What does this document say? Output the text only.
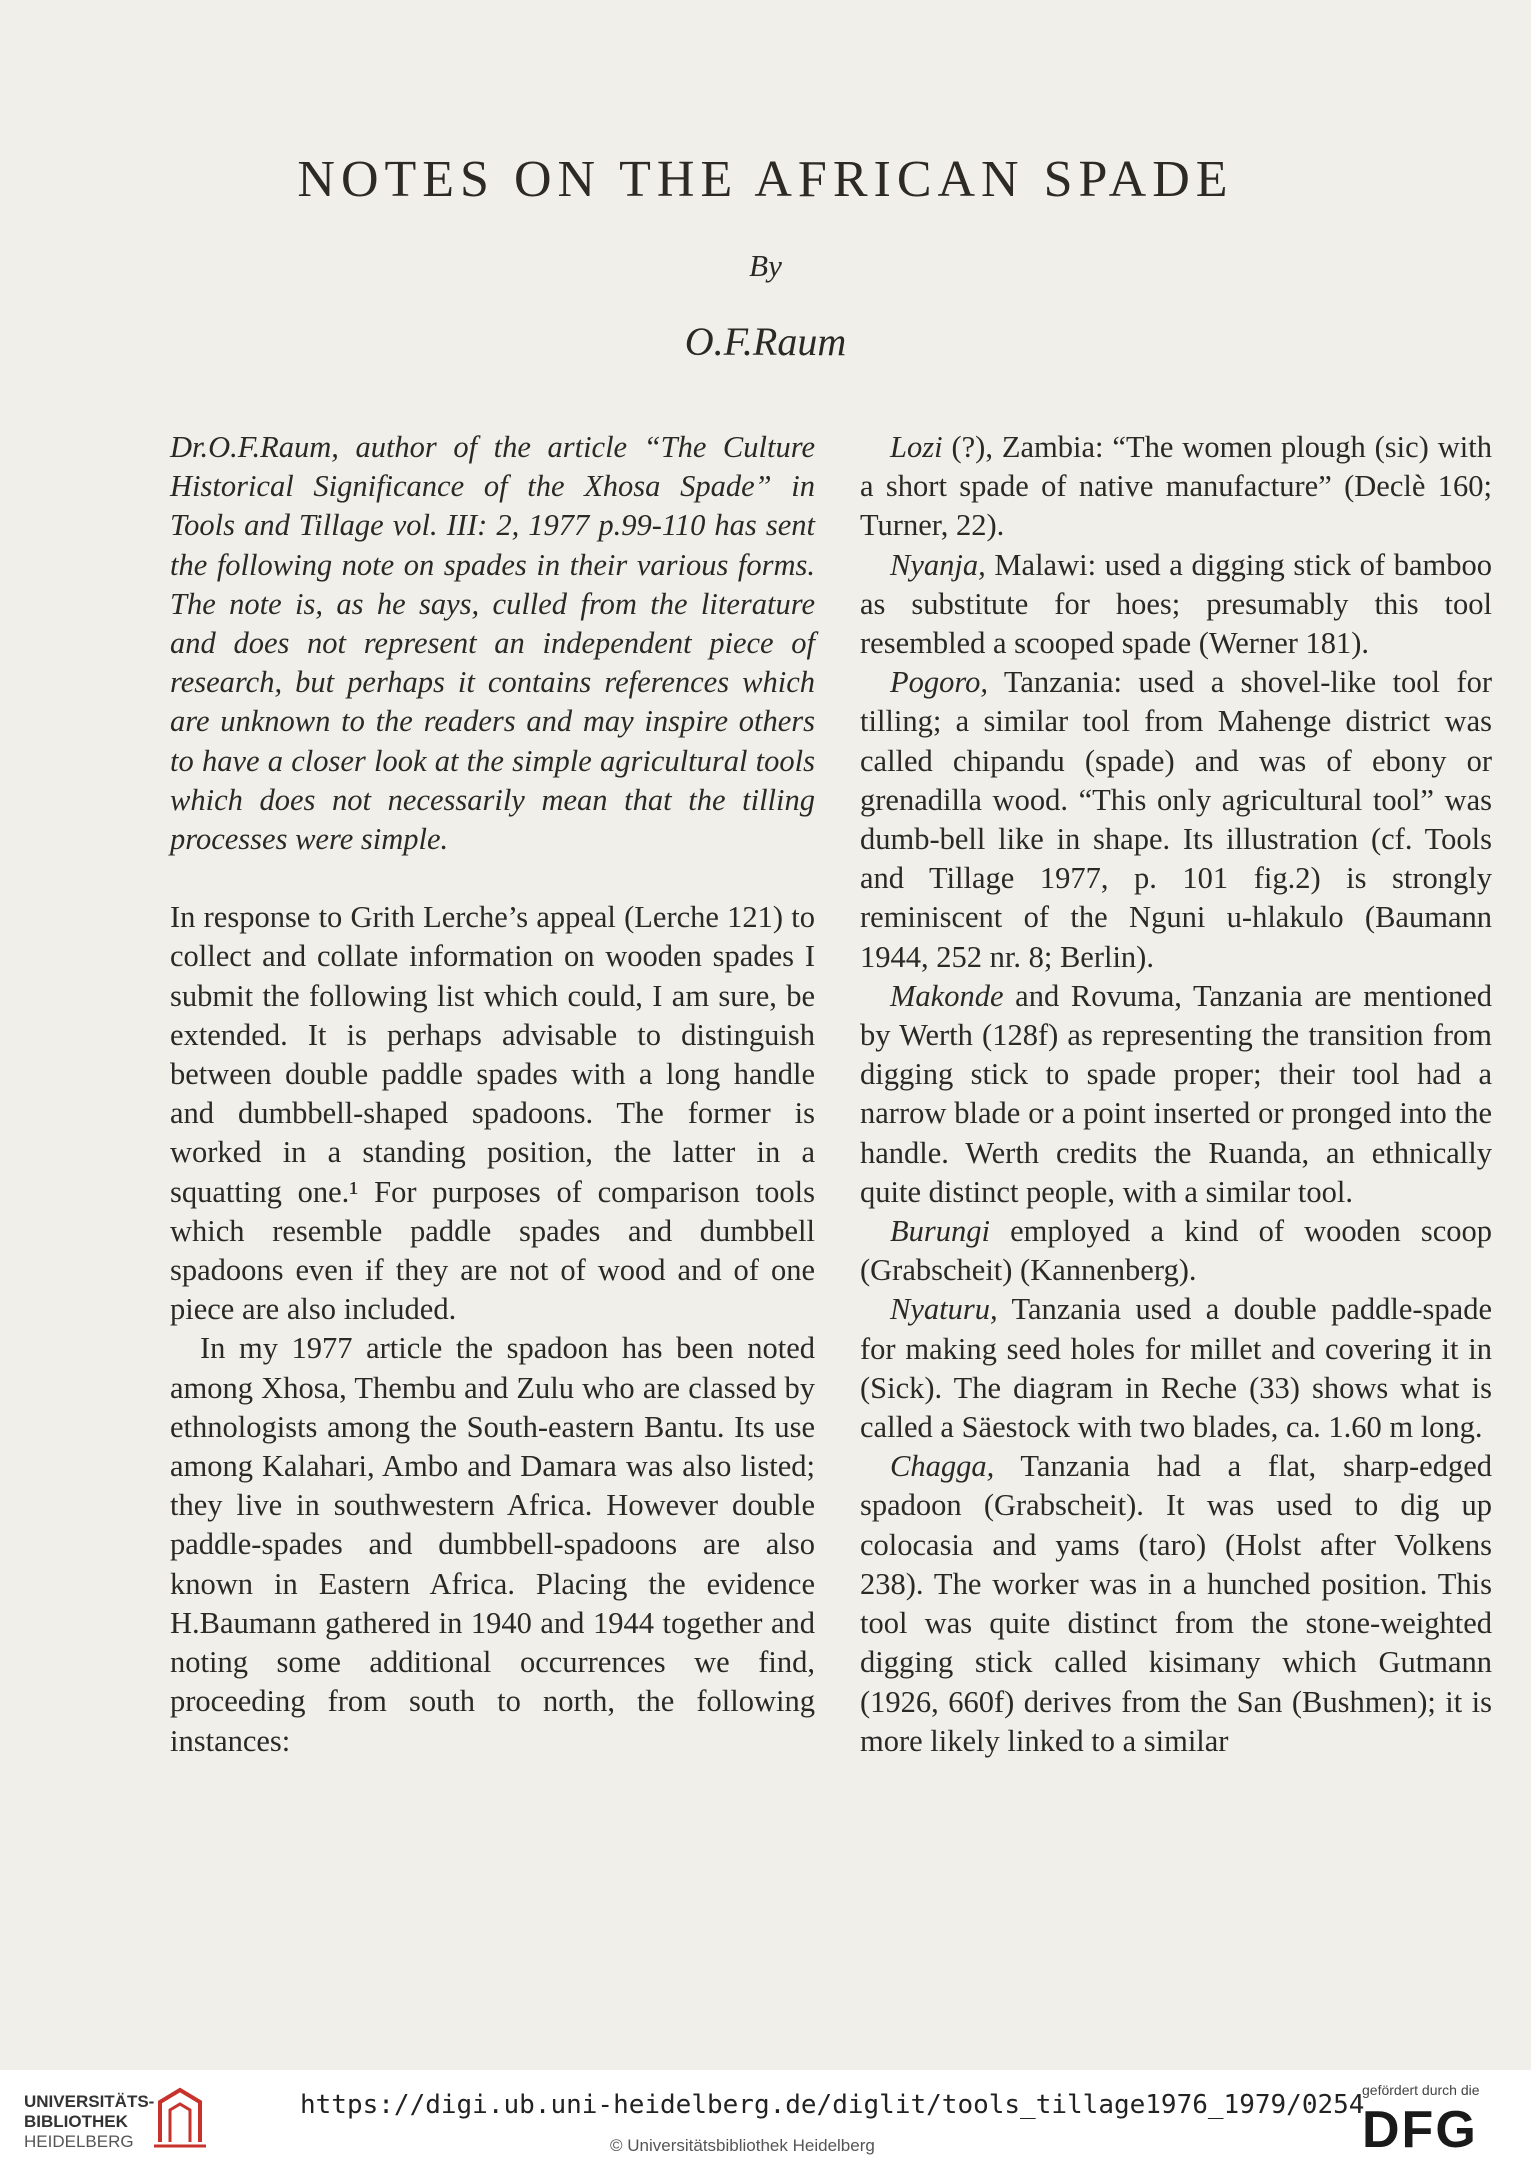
NOTES ON THE AFRICAN SPADE
By
O.F.Raum

Dr.O.F.Raum, author of the article “The Culture Historical Significance of the Xhosa Spade” in Tools and Tillage vol. III: 2, 1977 p.99-110 has sent the following note on spades in their various forms. The note is, as he says, culled from the literature and does not represent an independent piece of research, but perhaps it contains references which are unknown to the readers and may inspire others to have a closer look at the simple agricultural tools which does not necessarily mean that the tilling processes were simple.

In response to Grith Lerche’s appeal (Lerche 121) to collect and collate information on wooden spades I submit the following list which could, I am sure, be extended. It is perhaps advisable to distinguish between double paddle spades with a long handle and dumbbell-shaped spadoons. The former is worked in a standing position, the latter in a squatting one.¹ For purposes of comparison tools which resemble paddle spades and dumbbell spadoons even if they are not of wood and of one piece are also included.

In my 1977 article the spadoon has been noted among Xhosa, Thembu and Zulu who are classed by ethnologists among the South-eastern Bantu. Its use among Kalahari, Ambo and Damara was also listed; they live in southwestern Africa. However double paddle-spades and dumbbell-spadoons are also known in Eastern Africa. Placing the evidence H.Baumann gathered in 1940 and 1944 together and noting some additional occurrences we find, proceeding from south to north, the following instances:

Lozi (?), Zambia: “The women plough (sic) with a short spade of native manufacture” (Declè 160; Turner, 22).

Nyanja, Malawi: used a digging stick of bamboo as substitute for hoes; presumably this tool resembled a scooped spade (Werner 181).

Pogoro, Tanzania: used a shovel-like tool for tilling; a similar tool from Mahenge district was called chipandu (spade) and was of ebony or grenadilla wood. “This only agricultural tool” was dumb-bell like in shape. Its illustration (cf. Tools and Tillage 1977, p. 101 fig.2) is strongly reminiscent of the Nguni u-hlakulo (Baumann 1944, 252 nr. 8; Berlin).

Makonde and Rovuma, Tanzania are mentioned by Werth (128f) as representing the transition from digging stick to spade proper; their tool had a narrow blade or a point inserted or pronged into the handle. Werth credits the Ruanda, an ethnically quite distinct people, with a similar tool.

Burungi employed a kind of wooden scoop (Grabscheit) (Kannenberg).

Nyaturu, Tanzania used a double paddle-spade for making seed holes for millet and covering it in (Sick). The diagram in Reche (33) shows what is called a Säestock with two blades, ca. 1.60 m long.

Chagga, Tanzania had a flat, sharp-edged spadoon (Grabscheit). It was used to dig up colocasia and yams (taro) (Holst after Volkens 238). The worker was in a hunched position. This tool was quite distinct from the stone-weighted digging stick called kisimany which Gutmann (1926, 660f) derives from the San (Bushmen); it is more likely linked to a similar

UNIVERSITÄTS-
BIBLIOTHEK
HEIDELBERG
https://digi.ub.uni-heidelberg.de/diglit/tools_tillage1976_1979/0254
© Universitätsbibliothek Heidelberg
gefördert durch die
DFG
